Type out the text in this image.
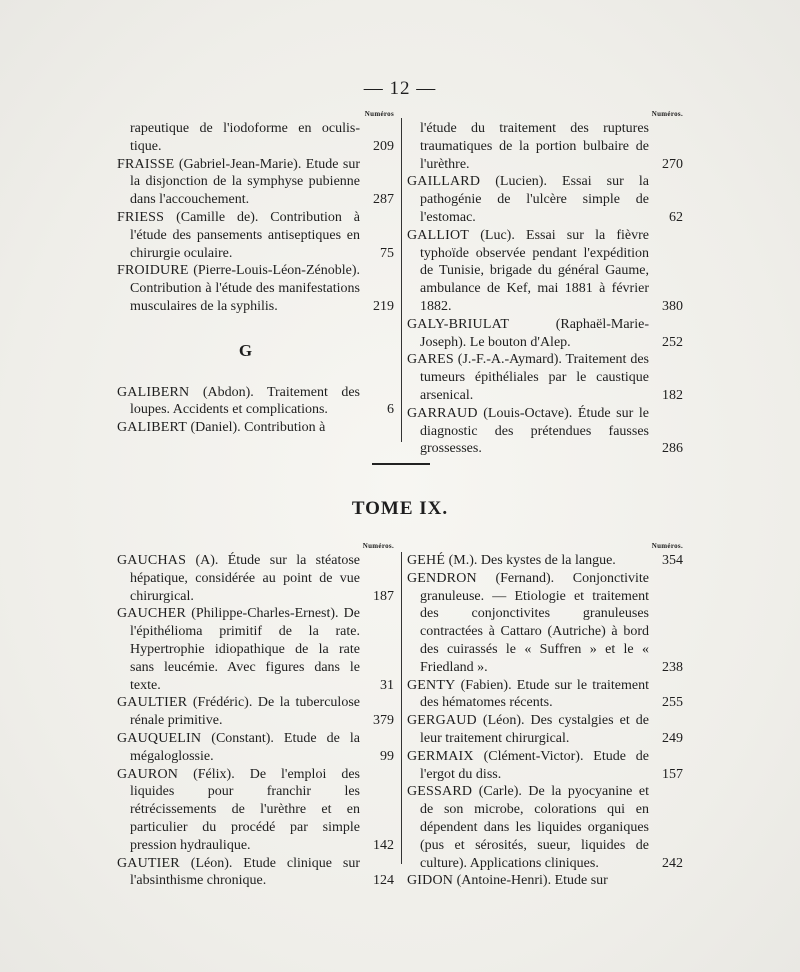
— 12 —
Numéros
rapeutique de l'iodoforme en oculis-tique.	209
FRAISSE (Gabriel-Jean-Marie). Etude sur la disjonction de la symphyse pubienne dans l'accouchement.	287
FRIESS (Camille de). Contribution à l'étude des pansements antiseptiques en chirurgie oculaire.	75
FROIDURE (Pierre-Louis-Léon-Zénoble). Contribution à l'étude des manifestations musculaires de la syphilis.	219
G
GALIBERN (Abdon). Traitement des loupes. Accidents et complications.	6
GALIBERT (Daniel). Contribution à
Numéros.
l'étude du traitement des ruptures traumatiques de la portion bulbaire de l'urèthre.	270
GAILLARD (Lucien). Essai sur la pathogénie de l'ulcère simple de l'estomac.	62
GALLIOT (Luc). Essai sur la fièvre typhoïde observée pendant l'expédition de Tunisie, brigade du général Gaume, ambulance de Kef, mai 1881 à février 1882.	380
GALY-BRIULAT	(Raphaël-Marie-Joseph). Le bouton d'Alep.	252
GARES (J.-F.-A.-Aymard). Traitement des tumeurs épithéliales par le caustique arsenical.	182
GARRAUD (Louis-Octave). Étude sur le diagnostic des prétendues fausses grossesses.	286
TOME IX.
Numéros.
GAUCHAS (A). Étude sur la stéatose hépatique, considérée au point de vue chirurgical.	187
GAUCHER (Philippe-Charles-Ernest). De l'épithélioma primitif de la rate. Hypertrophie idiopathique de la rate sans leucémie. Avec figures dans le texte.	31
GAULTIER (Frédéric). De la tuberculose rénale primitive.	379
GAUQUELIN (Constant). Etude de la mégaloglossie.	99
GAURON (Félix). De l'emploi des liquides pour franchir les rétrécissements de l'urèthre et en particulier du procédé par simple pression hydraulique.	142
GAUTIER (Léon). Etude clinique sur l'absinthisme chronique.	124
Numéros.
GEHÉ (M.). Des kystes de la langue.	354
GENDRON (Fernand). Conjonctivite granuleuse. — Etiologie et traitement des conjonctivites granuleuses contractées à Cattaro (Autriche) à bord des cuirassés le « Suffren » et le « Friedland ».	238
GENTY (Fabien). Etude sur le traitement des hématomes récents.	255
GERGAUD (Léon). Des cystalgies et de leur traitement chirurgical.	249
GERMAIX (Clément-Victor). Etude de l'ergot du diss.	157
GESSARD (Carle). De la pyocyanine et de son microbe, colorations qui en dépendent dans les liquides organiques (pus et sérosités, sueur, liquides de culture). Applications cliniques.	242
GIDON (Antoine-Henri). Etude sur
